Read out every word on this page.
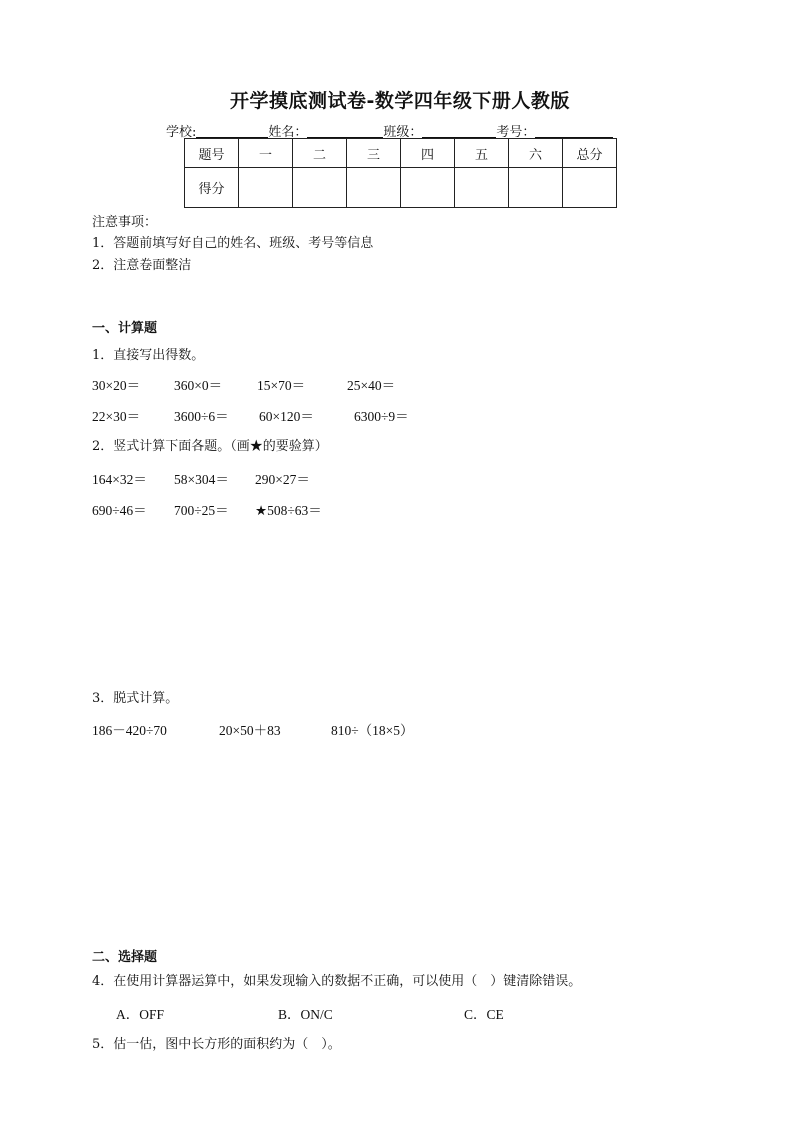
开学摸底测试卷-数学四年级下册人教版
学校:	姓名：	班级：	考号：
题号	一	二	三	四	五	六	总分
得分							
注意事项：
1．答题前填写好自己的姓名、班级、考号等信息
2．注意卷面整洁
一、计算题
1．直接写出得数。
30×20＝	360×0＝	15×70＝	25×40＝
22×30＝	3600÷6＝ 60×120＝	6300÷9＝
2．竖式计算下面各题。（画★的要验算）
164×32＝ 58×304＝ 290×27＝
690÷46＝ 700÷25＝ ★508÷63＝
3．脱式计算。
186－420÷70	20×50＋83	810÷（18×5）
二、选择题
4．在使用计算器运算中，如果发现输入的数据不正确，可以使用（　）键清除错误。
A．OFF	B．ON/C	C．CE
5．估一估，图中长方形的面积约为（　）。
